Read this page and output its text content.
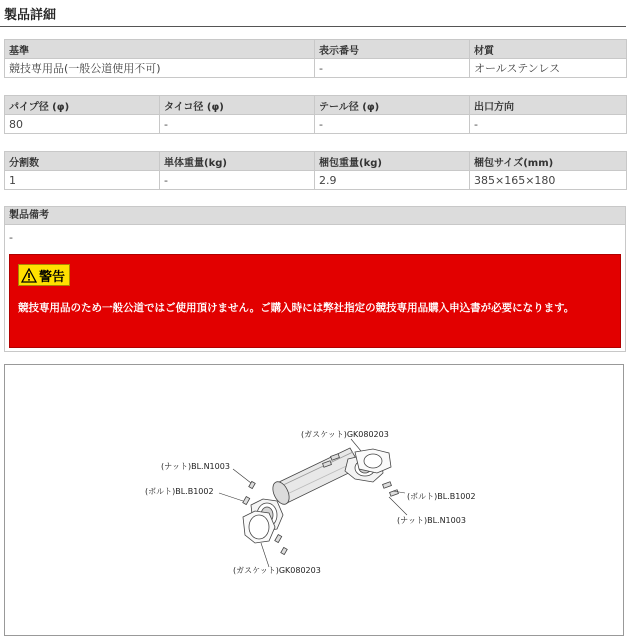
製品詳細
基準	表示番号	材質
競技専用品(一般公道使用不可)	-	オールステンレス
パイプ径 (φ)	タイコ径 (φ)	テール径 (φ)	出口方向
80	-	-	-
分割数	単体重量(kg)	梱包重量(kg)	梱包サイズ(mm)
1	-	2.9	385×165×180
製品備考
-
警告
競技専用品のため一般公道ではご使用頂けません。ご購入時には弊社指定の競技専用品購入申込書が必要になります。
(ガスケット)GK080203
(ナット)BL.N1003
(ボルト)BL.B1002
(ボルト)BL.B1002
(ナット)BL.N1003
(ガスケット)GK080203
